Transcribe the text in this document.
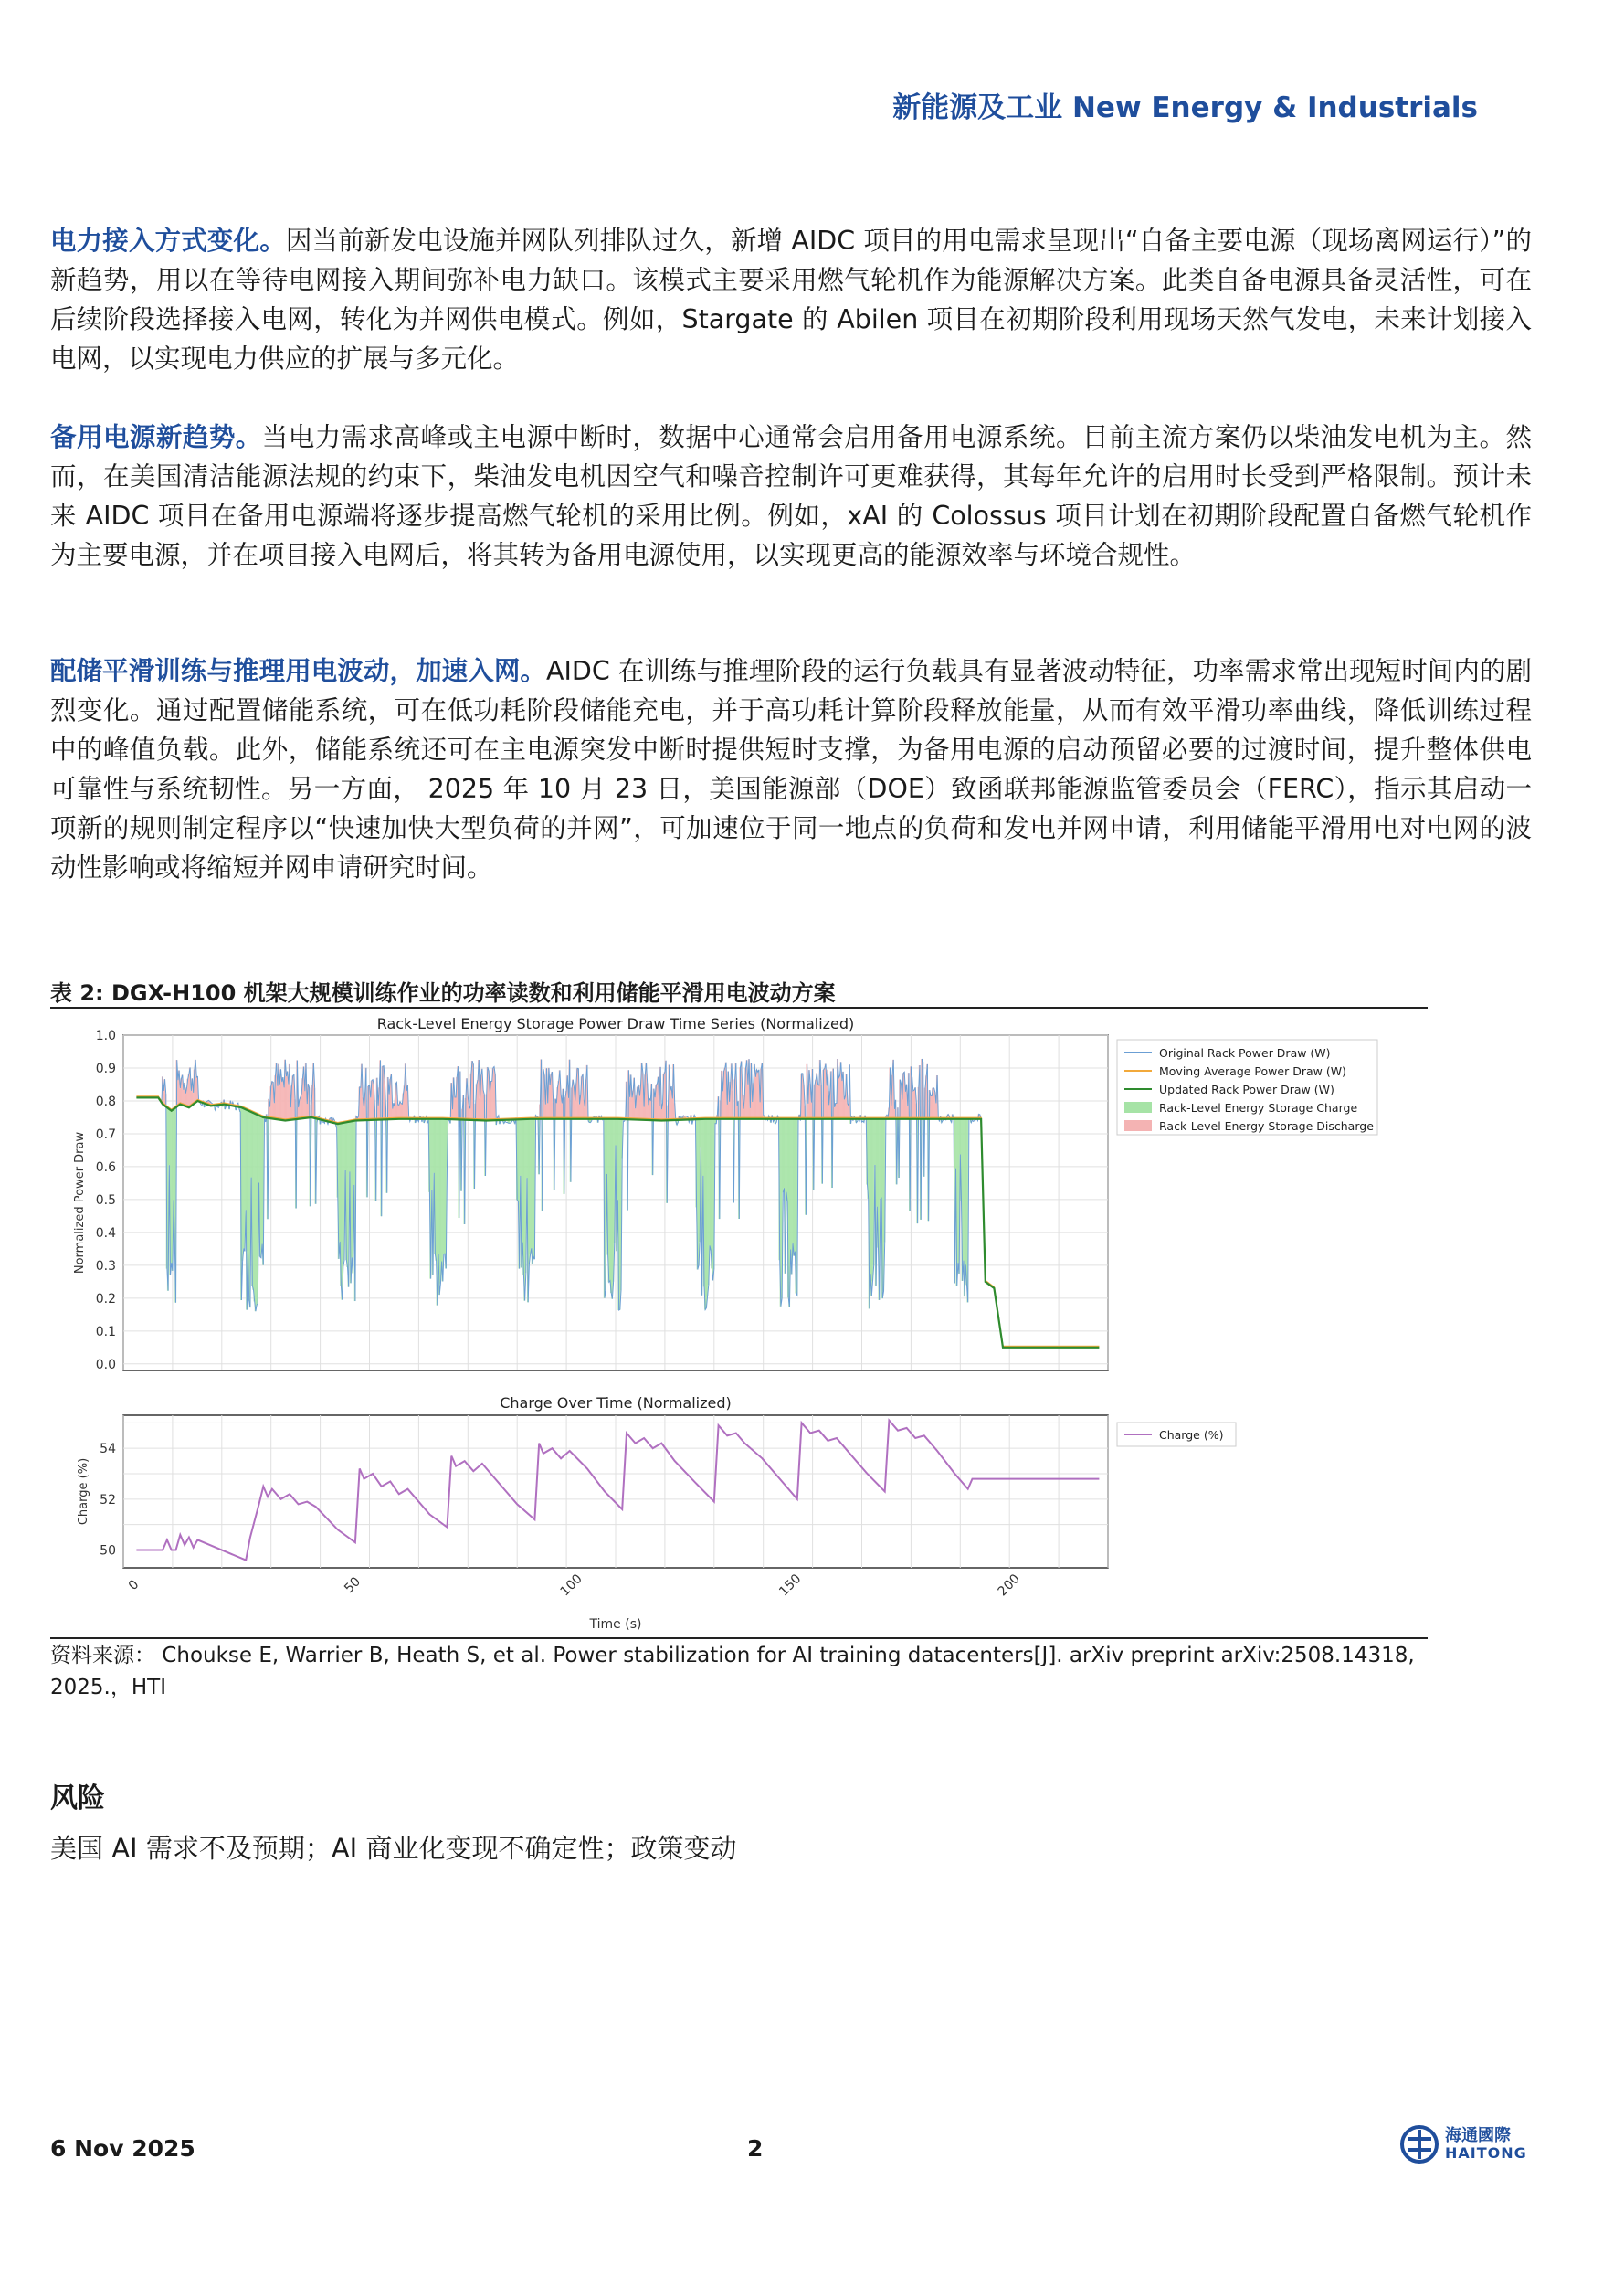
新能源及工业 New Energy & Industrials

电力接入方式变化。因当前新发电设施并网队列排队过久，新增 AIDC 项目的用电需求呈现出“自备主要电源（现场离网运行）”的新趋势，用以在等待电网接入期间弥补电力缺口。该模式主要采用燃气轮机作为能源解决方案。此类自备电源具备灵活性，可在后续阶段选择接入电网，转化为并网供电模式。例如，Stargate 的 Abilen 项目在初期阶段利用现场天然气发电，未来计划接入电网，以实现电力供应的扩展与多元化。

备用电源新趋势。当电力需求高峰或主电源中断时，数据中心通常会启用备用电源系统。目前主流方案仍以柴油发电机为主。然而，在美国清洁能源法规的约束下，柴油发电机因空气和噪音控制许可更难获得，其每年允许的启用时长受到严格限制。预计未来 AIDC 项目在备用电源端将逐步提高燃气轮机的采用比例。例如，xAI 的 Colossus 项目计划在初期阶段配置自备燃气轮机作为主要电源，并在项目接入电网后，将其转为备用电源使用，以实现更高的能源效率与环境合规性。

配储平滑训练与推理用电波动，加速入网。AIDC 在训练与推理阶段的运行负载具有显著波动特征，功率需求常出现短时间内的剧烈变化。通过配置储能系统，可在低功耗阶段储能充电，并于高功耗计算阶段释放能量，从而有效平滑功率曲线，降低训练过程中的峰值负载。此外，储能系统还可在主电源突发中断时提供短时支撑，为备用电源的启动预留必要的过渡时间，提升整体供电可靠性与系统韧性。另一方面， 2025 年 10 月 23 日，美国能源部（DOE）致函联邦能源监管委员会（FERC），指示其启动一项新的规则制定程序以“快速加快大型负荷的并网”，可加速位于同一地点的负荷和发电并网申请，利用储能平滑用电对电网的波动性影响或将缩短并网申请研究时间。

表 2: DGX-H100 机架大规模训练作业的功率读数和利用储能平滑用电波动方案
0.0
0.1
0.2
0.3
0.4
0.5
0.6
0.7
0.8
0.9
1.0
Rack-Level Energy Storage Power Draw Time Series (Normalized)
Normalized Power Draw
Original Rack Power Draw (W)
Moving Average Power Draw (W)
Updated Rack Power Draw (W)
Rack-Level Energy Storage Charge
Rack-Level Energy Storage Discharge
50
52
54
0	50	100	150	200
Charge Over Time (Normalized)
Charge (%)
Time (s)
Charge (%)
资料来源： Choukse E, Warrier B, Heath S, et al. Power stabilization for AI training datacenters[J]. arXiv preprint arXiv:2508.14318, 2025.，HTI
风险
美国 AI 需求不及预期；AI 商业化变现不确定性；政策变动
6 Nov 2025	2	海通國際
HAITONG
